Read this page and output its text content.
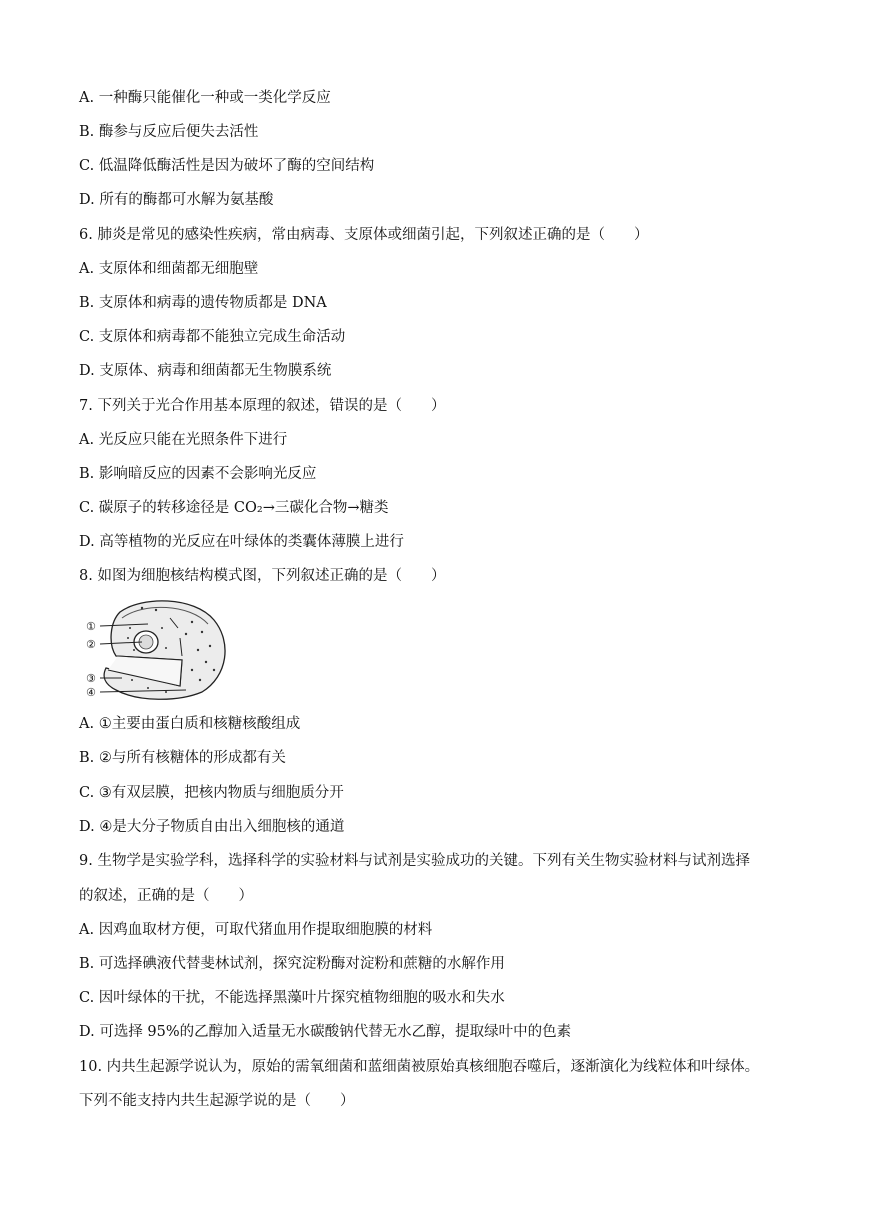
A. 一种酶只能催化一种或一类化学反应
B. 酶参与反应后便失去活性
C. 低温降低酶活性是因为破坏了酶的空间结构
D. 所有的酶都可水解为氨基酸
6. 肺炎是常见的感染性疾病，常由病毒、支原体或细菌引起，下列叙述正确的是（　　）
A. 支原体和细菌都无细胞壁
B. 支原体和病毒的遗传物质都是 DNA
C. 支原体和病毒都不能独立完成生命活动
D. 支原体、病毒和细菌都无生物膜系统
7. 下列关于光合作用基本原理的叙述，错误的是（　　）
A. 光反应只能在光照条件下进行
B. 影响暗反应的因素不会影响光反应
C. 碳原子的转移途径是 CO₂→三碳化合物→糖类
D. 高等植物的光反应在叶绿体的类囊体薄膜上进行
8. 如图为细胞核结构模式图，下列叙述正确的是（　　）
①
②
③
④
A. ①主要由蛋白质和核糖核酸组成
B. ②与所有核糖体的形成都有关
C. ③有双层膜，把核内物质与细胞质分开
D. ④是大分子物质自由出入细胞核的通道
9. 生物学是实验学科，选择科学的实验材料与试剂是实验成功的关键。下列有关生物实验材料与试剂选择
的叙述，正确的是（　　）
A. 因鸡血取材方便，可取代猪血用作提取细胞膜的材料
B. 可选择碘液代替斐林试剂，探究淀粉酶对淀粉和蔗糖的水解作用
C. 因叶绿体的干扰，不能选择黑藻叶片探究植物细胞的吸水和失水
D. 可选择 95%的乙醇加入适量无水碳酸钠代替无水乙醇，提取绿叶中的色素
10. 内共生起源学说认为，原始的需氧细菌和蓝细菌被原始真核细胞吞噬后，逐渐演化为线粒体和叶绿体。
下列不能支持内共生起源学说的是（　　）
